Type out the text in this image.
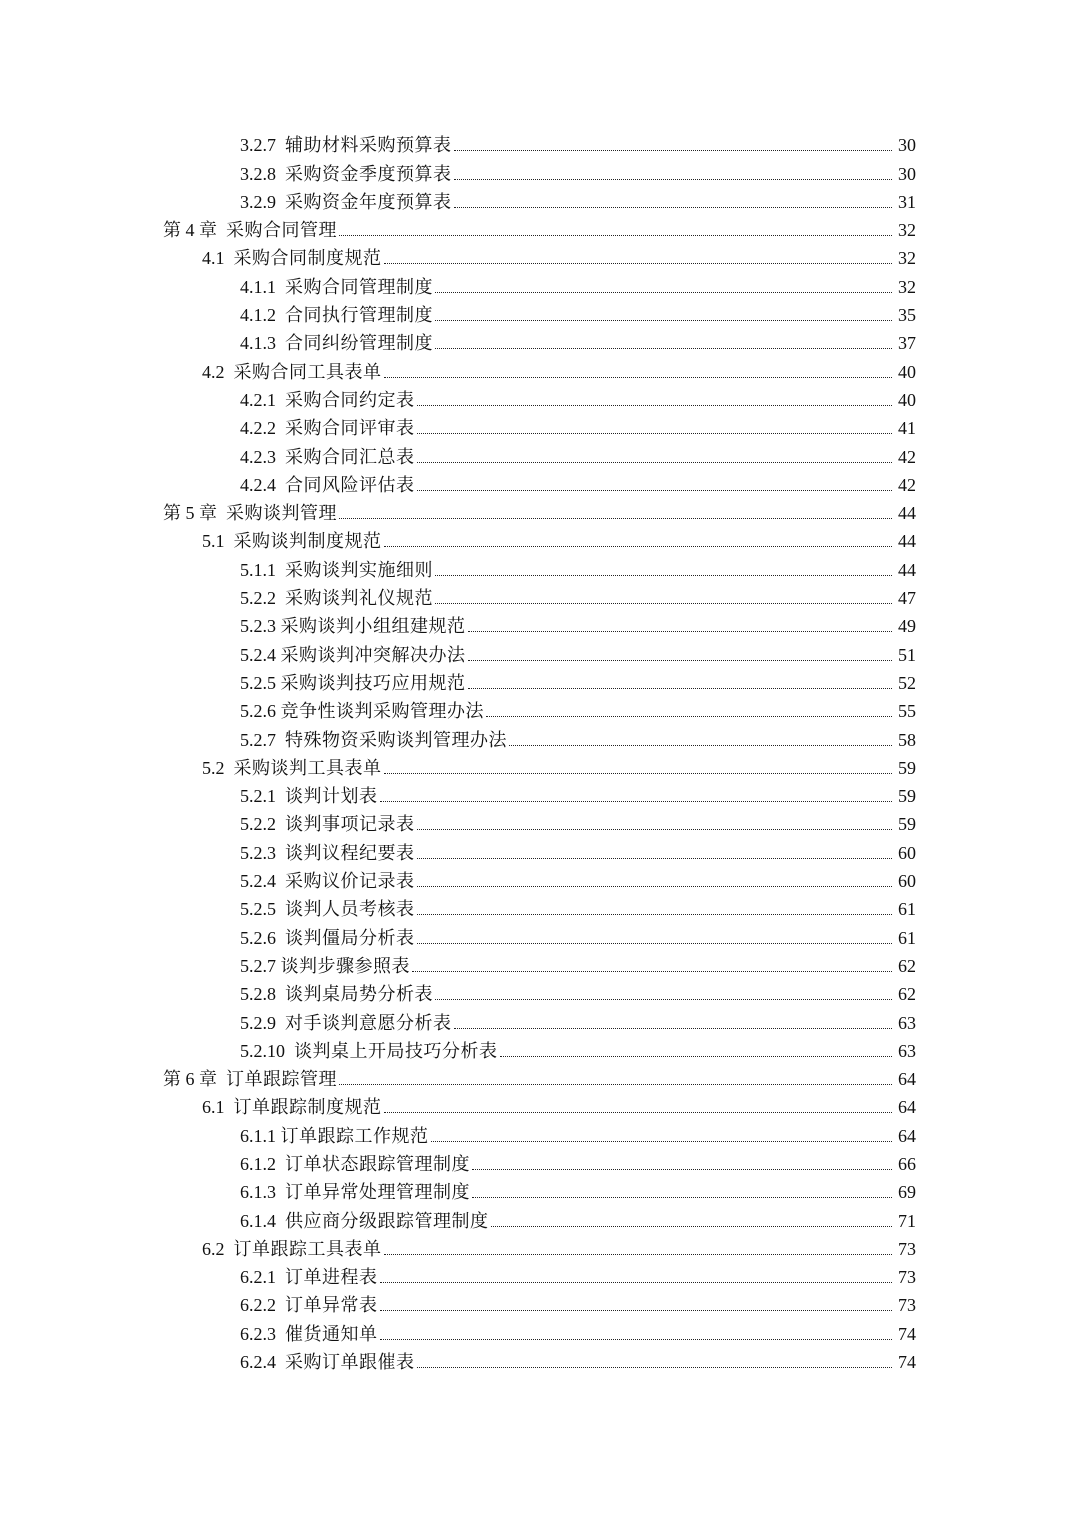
3.2.7 辅助材料采购预算表	30
3.2.8 采购资金季度预算表	30
3.2.9 采购资金年度预算表	31
第 4 章 采购合同管理	32
4.1 采购合同制度规范	32
4.1.1 采购合同管理制度	32
4.1.2 合同执行管理制度	35
4.1.3 合同纠纷管理制度	37
4.2 采购合同工具表单	40
4.2.1 采购合同约定表	40
4.2.2 采购合同评审表	41
4.2.3 采购合同汇总表	42
4.2.4 合同风险评估表	42
第 5 章 采购谈判管理	44
5.1 采购谈判制度规范	44
5.1.1 采购谈判实施细则	44
5.2.2 采购谈判礼仪规范	47
5.2.3 采购谈判小组组建规范	49
5.2.4 采购谈判冲突解决办法	51
5.2.5 采购谈判技巧应用规范	52
5.2.6 竞争性谈判采购管理办法	55
5.2.7 特殊物资采购谈判管理办法	58
5.2 采购谈判工具表单	59
5.2.1 谈判计划表	59
5.2.2 谈判事项记录表	59
5.2.3 谈判议程纪要表	60
5.2.4 采购议价记录表	60
5.2.5 谈判人员考核表	61
5.2.6 谈判僵局分析表	61
5.2.7 谈判步骤参照表	62
5.2.8 谈判桌局势分析表	62
5.2.9 对手谈判意愿分析表	63
5.2.10 谈判桌上开局技巧分析表	63
第 6 章 订单跟踪管理	64
6.1 订单跟踪制度规范	64
6.1.1 订单跟踪工作规范	64
6.1.2 订单状态跟踪管理制度	66
6.1.3 订单异常处理管理制度	69
6.1.4 供应商分级跟踪管理制度	71
6.2 订单跟踪工具表单	73
6.2.1 订单进程表	73
6.2.2 订单异常表	73
6.2.3 催货通知单	74
6.2.4 采购订单跟催表	74
